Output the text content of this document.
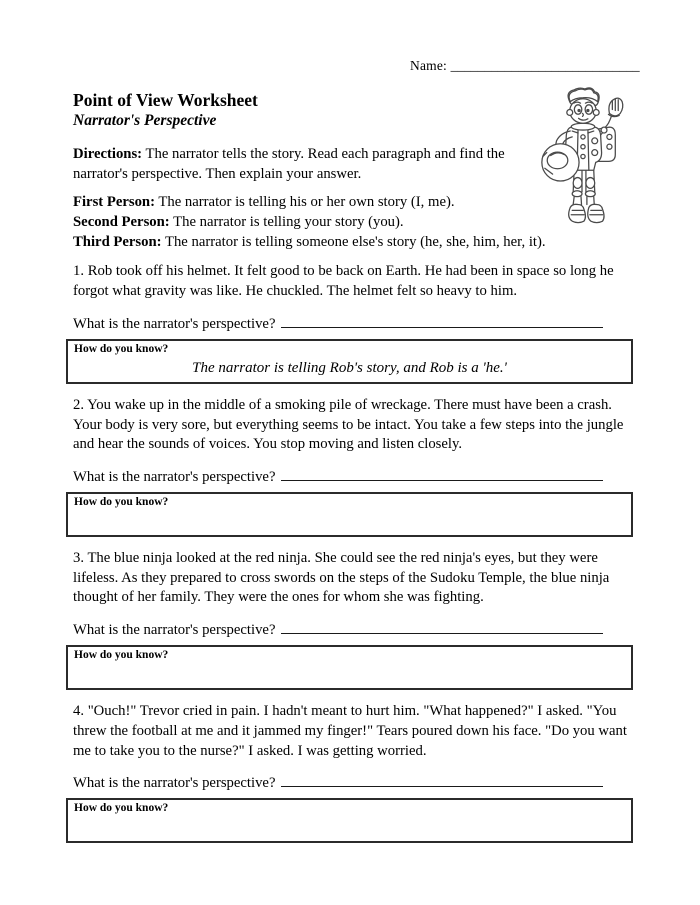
Name: ____________________________
Point of View Worksheet
Narrator's Perspective

Directions: The narrator tells the story. Read each paragraph and find the narrator's perspective. Then explain your answer.

First Person: The narrator is telling his or her own story (I, me).

Second Person: The narrator is telling your story (you).

Third Person: The narrator is telling someone else's story (he, she, him, her, it).

1. Rob took off his helmet. It felt good to be back on Earth. He had been in space so long he forgot what gravity was like. He chuckled. The helmet felt so heavy to him.

What is the narrator's perspective?

How do you know?
The narrator is telling Rob's story, and Rob is a 'he.'

2. You wake up in the middle of a smoking pile of wreckage. There must have been a crash. Your body is very sore, but everything seems to be intact. You take a few steps into the jungle and hear the sounds of voices. You stop moving and listen closely.

What is the narrator's perspective?

How do you know?

3. The blue ninja looked at the red ninja. She could see the red ninja's eyes, but they were lifeless. As they prepared to cross swords on the steps of the Sudoku Temple, the blue ninja thought of her family. They were the ones for whom she was fighting.

What is the narrator's perspective?

How do you know?

4. "Ouch!" Trevor cried in pain. I hadn't meant to hurt him. "What happened?" I asked. "You threw the football at me and it jammed my finger!" Tears poured down his face. "Do you want me to take you to the nurse?" I asked. I was getting worried.

What is the narrator's perspective?

How do you know?
